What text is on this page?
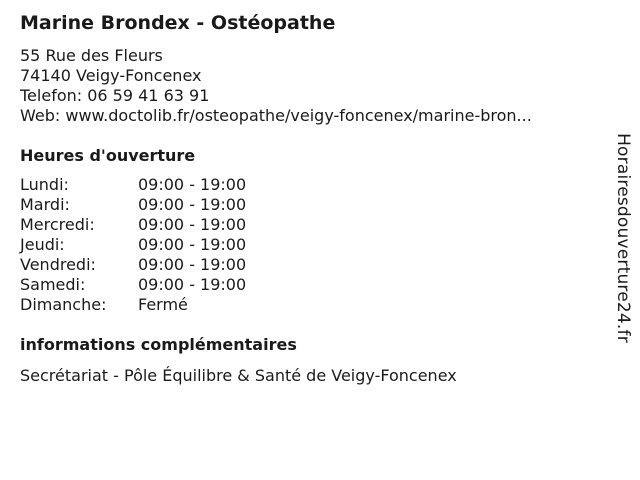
Marine Brondex - Ostéopathe
55 Rue des Fleurs
74140 Veigy-Foncenex
Telefon: 06 59 41 63 91
Web: www.doctolib.fr/osteopathe/veigy-foncenex/marine-bron...
Heures d'ouverture
Lundi:	09:00 - 19:00
Mardi:	09:00 - 19:00
Mercredi:	09:00 - 19:00
Jeudi:	09:00 - 19:00
Vendredi:	09:00 - 19:00
Samedi:	09:00 - 19:00
Dimanche:	Fermé
informations complémentaires
Secrétariat - Pôle Équilibre & Santé de Veigy-Foncenex
Horairesdouverture24.fr
